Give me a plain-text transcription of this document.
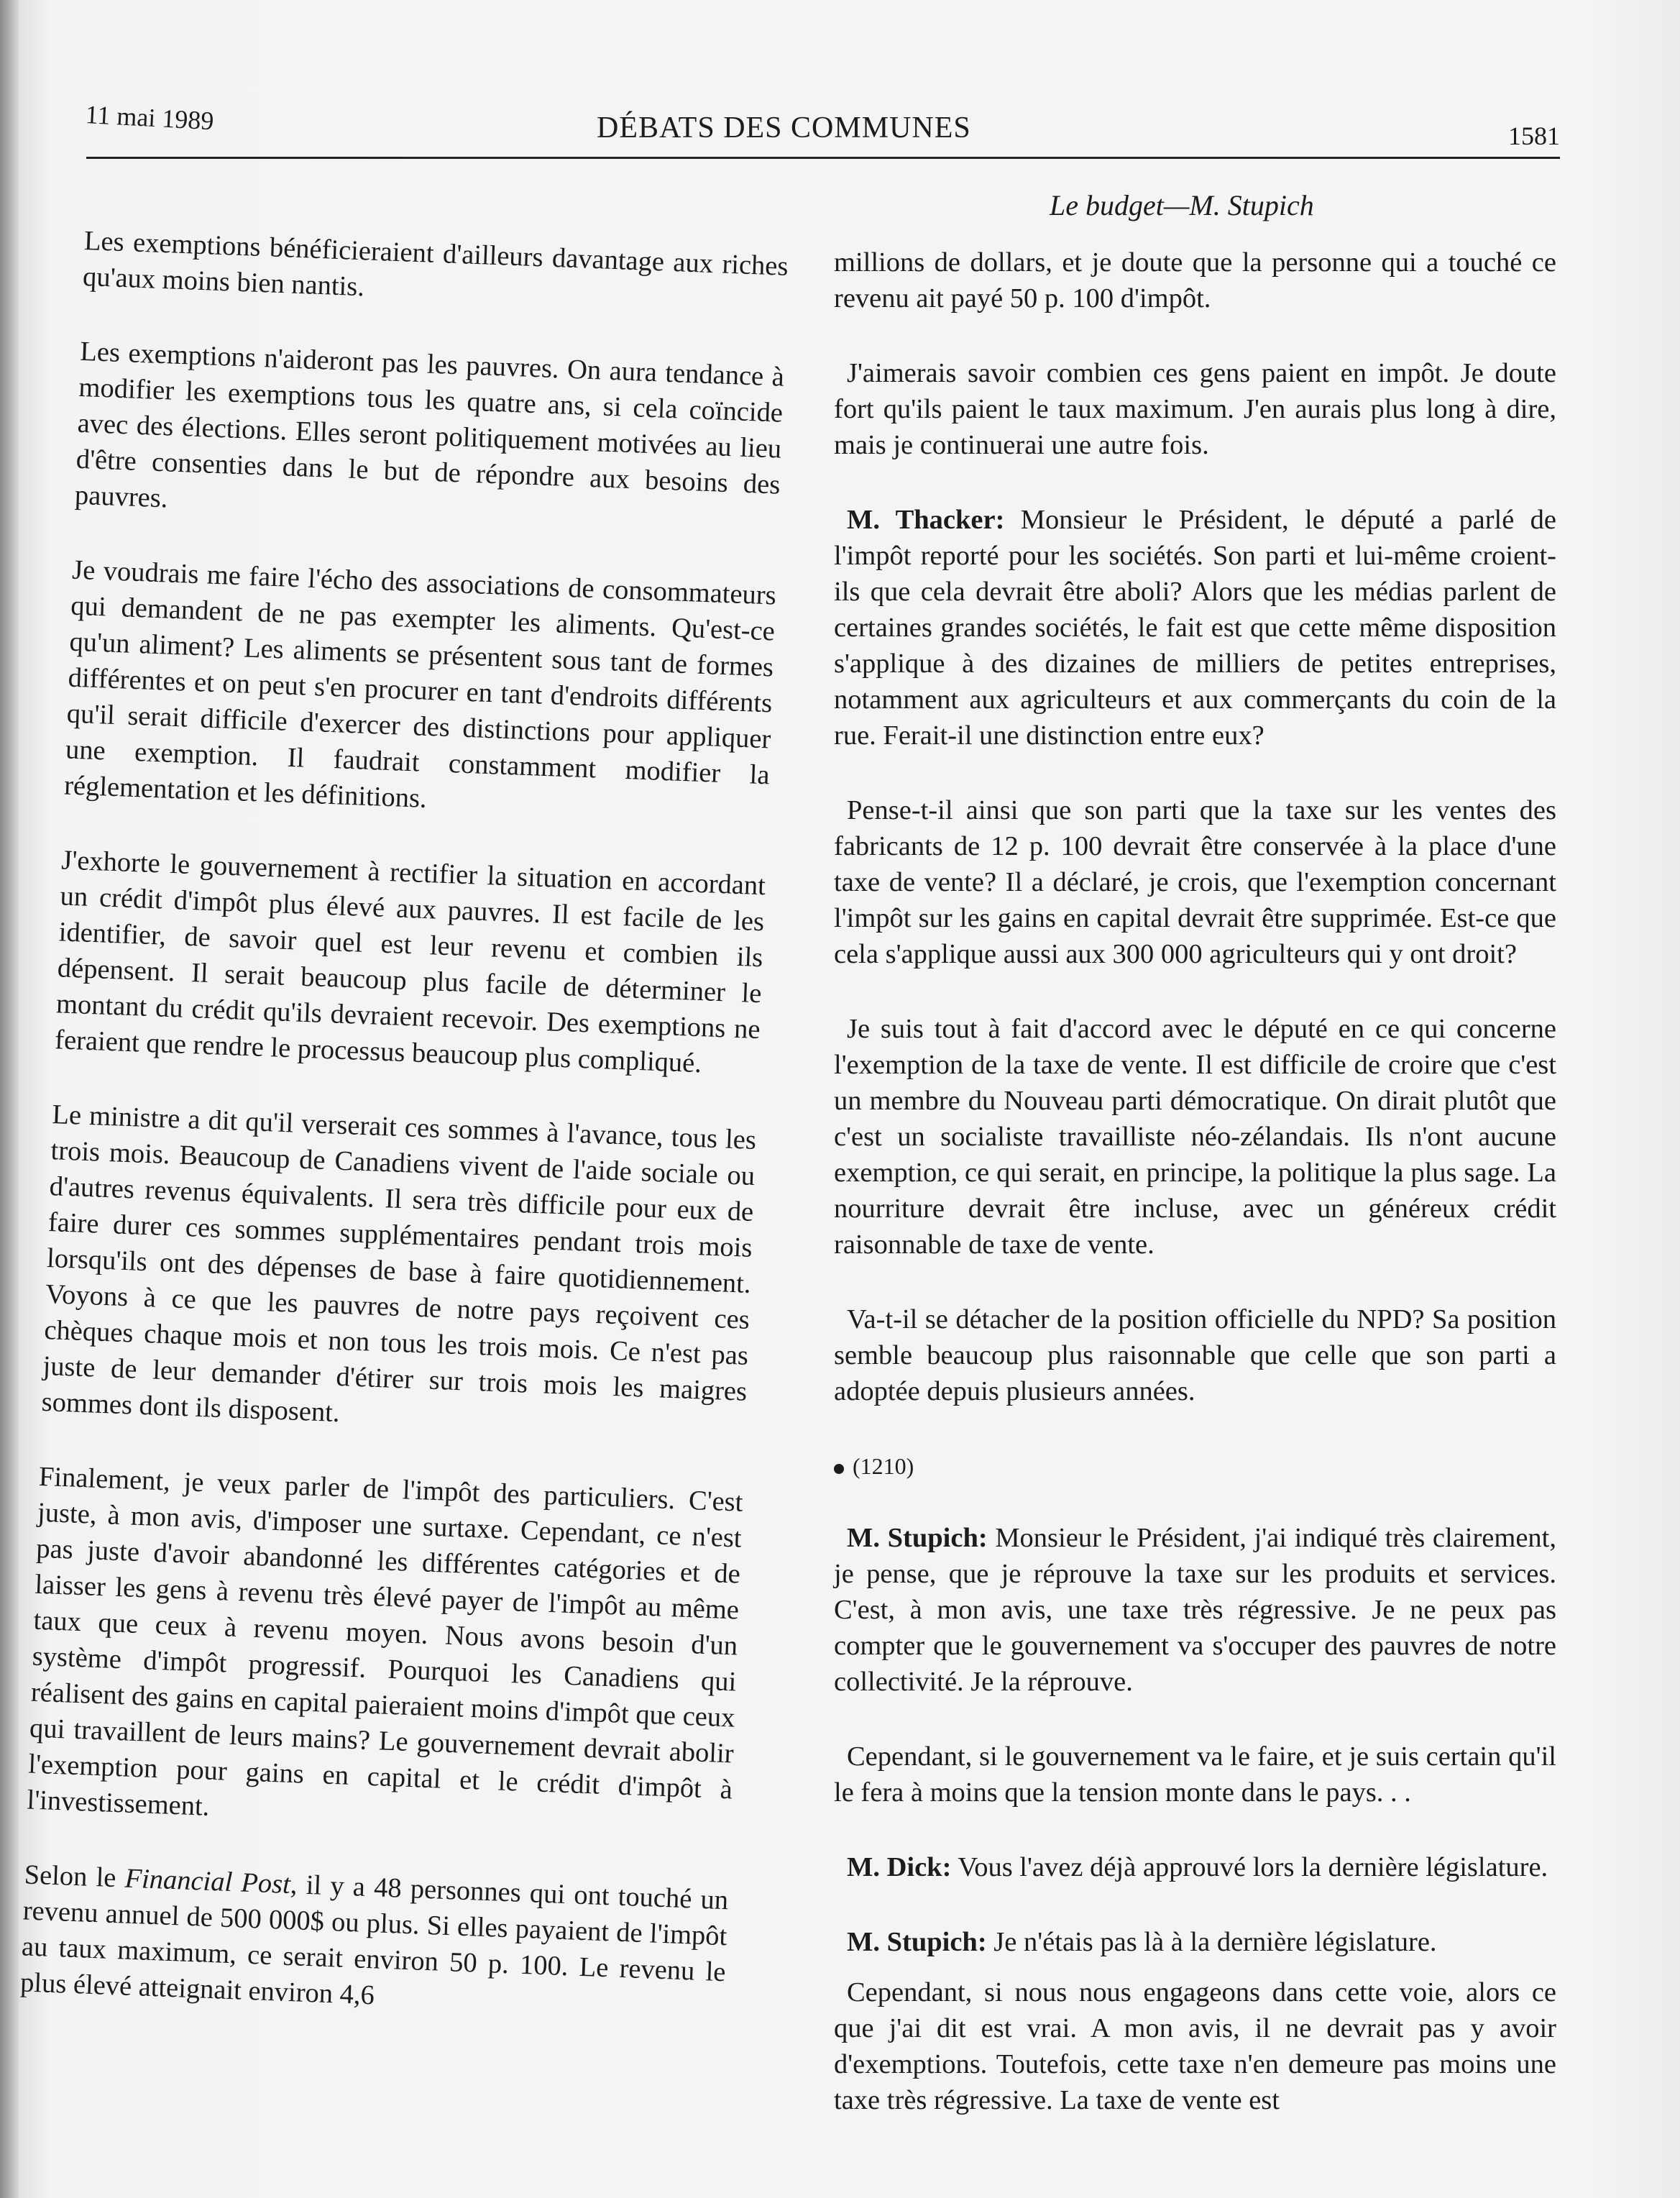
11 mai 1989	DÉBATS DES COMMUNES	1581
Le budget—M. Stupich

Les exemptions bénéficieraient d'ailleurs davantage aux riches qu'aux moins bien nantis.

Les exemptions n'aideront pas les pauvres. On aura tendance à modifier les exemptions tous les quatre ans, si cela coïncide avec des élections. Elles seront politiquement motivées au lieu d'être consenties dans le but de répondre aux besoins des pauvres.

Je voudrais me faire l'écho des associations de consommateurs qui demandent de ne pas exempter les aliments. Qu'est-ce qu'un aliment? Les aliments se présentent sous tant de formes différentes et on peut s'en procurer en tant d'endroits différents qu'il serait difficile d'exercer des distinctions pour appliquer une exemption. Il faudrait constamment modifier la réglementation et les définitions.

J'exhorte le gouvernement à rectifier la situation en accordant un crédit d'impôt plus élevé aux pauvres. Il est facile de les identifier, de savoir quel est leur revenu et combien ils dépensent. Il serait beaucoup plus facile de déterminer le montant du crédit qu'ils devraient recevoir. Des exemptions ne feraient que rendre le processus beaucoup plus compliqué.

Le ministre a dit qu'il verserait ces sommes à l'avance, tous les trois mois. Beaucoup de Canadiens vivent de l'aide sociale ou d'autres revenus équivalents. Il sera très difficile pour eux de faire durer ces sommes supplémentaires pendant trois mois lorsqu'ils ont des dépenses de base à faire quotidiennement. Voyons à ce que les pauvres de notre pays reçoivent ces chèques chaque mois et non tous les trois mois. Ce n'est pas juste de leur demander d'étirer sur trois mois les maigres sommes dont ils disposent.

Finalement, je veux parler de l'impôt des particuliers. C'est juste, à mon avis, d'imposer une surtaxe. Cependant, ce n'est pas juste d'avoir abandonné les différentes catégories et de laisser les gens à revenu très élevé payer de l'impôt au même taux que ceux à revenu moyen. Nous avons besoin d'un système d'impôt progressif. Pourquoi les Canadiens qui réalisent des gains en capital paieraient moins d'impôt que ceux qui travaillent de leurs mains? Le gouvernement devrait abolir l'exemption pour gains en capital et le crédit d'impôt à l'investissement.

Selon le Financial Post, il y a 48 personnes qui ont touché un revenu annuel de 500 000$ ou plus. Si elles payaient de l'impôt au taux maximum, ce serait environ 50 p. 100. Le revenu le plus élevé atteignait environ 4,6

millions de dollars, et je doute que la personne qui a touché ce revenu ait payé 50 p. 100 d'impôt.

J'aimerais savoir combien ces gens paient en impôt. Je doute fort qu'ils paient le taux maximum. J'en aurais plus long à dire, mais je continuerai une autre fois.

M. Thacker: Monsieur le Président, le député a parlé de l'impôt reporté pour les sociétés. Son parti et lui-même croient-ils que cela devrait être aboli? Alors que les médias parlent de certaines grandes sociétés, le fait est que cette même disposition s'applique à des dizaines de milliers de petites entreprises, notamment aux agriculteurs et aux commerçants du coin de la rue. Ferait-il une distinction entre eux?

Pense-t-il ainsi que son parti que la taxe sur les ventes des fabricants de 12 p. 100 devrait être conservée à la place d'une taxe de vente? Il a déclaré, je crois, que l'exemption concernant l'impôt sur les gains en capital devrait être supprimée. Est-ce que cela s'applique aussi aux 300 000 agriculteurs qui y ont droit?

Je suis tout à fait d'accord avec le député en ce qui concerne l'exemption de la taxe de vente. Il est difficile de croire que c'est un membre du Nouveau parti démocratique. On dirait plutôt que c'est un socialiste travailliste néo-zélandais. Ils n'ont aucune exemption, ce qui serait, en principe, la politique la plus sage. La nourriture devrait être incluse, avec un généreux crédit raisonnable de taxe de vente.

Va-t-il se détacher de la position officielle du NPD? Sa position semble beaucoup plus raisonnable que celle que son parti a adoptée depuis plusieurs années.

(1210)

M. Stupich: Monsieur le Président, j'ai indiqué très clairement, je pense, que je réprouve la taxe sur les produits et services. C'est, à mon avis, une taxe très régressive. Je ne peux pas compter que le gouvernement va s'occuper des pauvres de notre collectivité. Je la réprouve.

Cependant, si le gouvernement va le faire, et je suis certain qu'il le fera à moins que la tension monte dans le pays. . .

M. Dick: Vous l'avez déjà approuvé lors la dernière législature.

M. Stupich: Je n'étais pas là à la dernière législature.

Cependant, si nous nous engageons dans cette voie, alors ce que j'ai dit est vrai. A mon avis, il ne devrait pas y avoir d'exemptions. Toutefois, cette taxe n'en demeure pas moins une taxe très régressive. La taxe de vente est
